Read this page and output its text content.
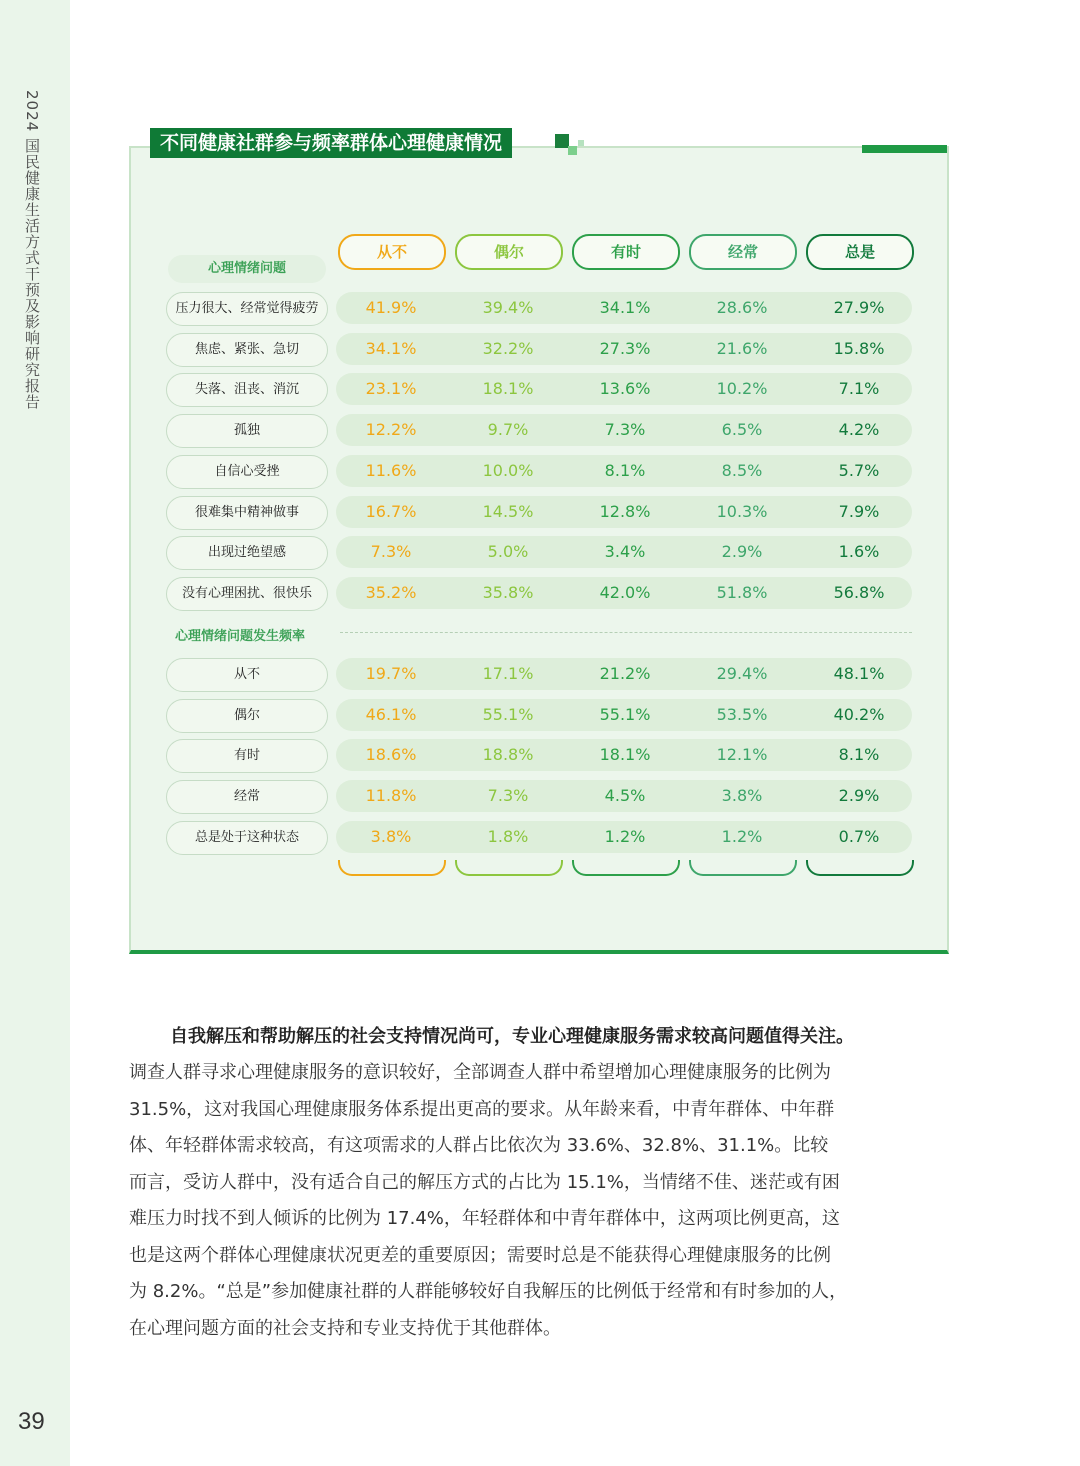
2024 国民健康生活方式干预及影响研究报告
39
不同健康社群参与频率群体心理健康情况
从不	偶尔	有时	经常	总是
心理情绪问题
心理情绪问题发生频率
压力很大、经常觉得疲劳	41.9%	39.4%	34.1%	28.6%	27.9%
焦虑、紧张、急切	34.1%	32.2%	27.3%	21.6%	15.8%
失落、沮丧、消沉	23.1%	18.1%	13.6%	10.2%	7.1%
孤独	12.2%	9.7%	7.3%	6.5%	4.2%
自信心受挫	11.6%	10.0%	8.1%	8.5%	5.7%
很难集中精神做事	16.7%	14.5%	12.8%	10.3%	7.9%
出现过绝望感	7.3%	5.0%	3.4%	2.9%	1.6%
没有心理困扰、很快乐	35.2%	35.8%	42.0%	51.8%	56.8%
从不	19.7%	17.1%	21.2%	29.4%	48.1%
偶尔	46.1%	55.1%	55.1%	53.5%	40.2%
有时	18.6%	18.8%	18.1%	12.1%	8.1%
经常	11.8%	7.3%	4.5%	3.8%	2.9%
总是处于这种状态	3.8%	1.8%	1.2%	1.2%	0.7%
自我解压和帮助解压的社会支持情况尚可，专业心理健康服务需求较高问题值得关注。
调查人群寻求心理健康服务的意识较好，全部调查人群中希望增加心理健康服务的比例为
31.5%，这对我国心理健康服务体系提出更高的要求。从年龄来看，中青年群体、中年群
体、年轻群体需求较高，有这项需求的人群占比依次为 33.6%、32.8%、31.1%。比较
而言，受访人群中，没有适合自己的解压方式的占比为 15.1%，当情绪不佳、迷茫或有困
难压力时找不到人倾诉的比例为 17.4%，年轻群体和中青年群体中，这两项比例更高，这
也是这两个群体心理健康状况更差的重要原因；需要时总是不能获得心理健康服务的比例
为 8.2%。“总是”参加健康社群的人群能够较好自我解压的比例低于经常和有时参加的人，
在心理问题方面的社会支持和专业支持优于其他群体。
